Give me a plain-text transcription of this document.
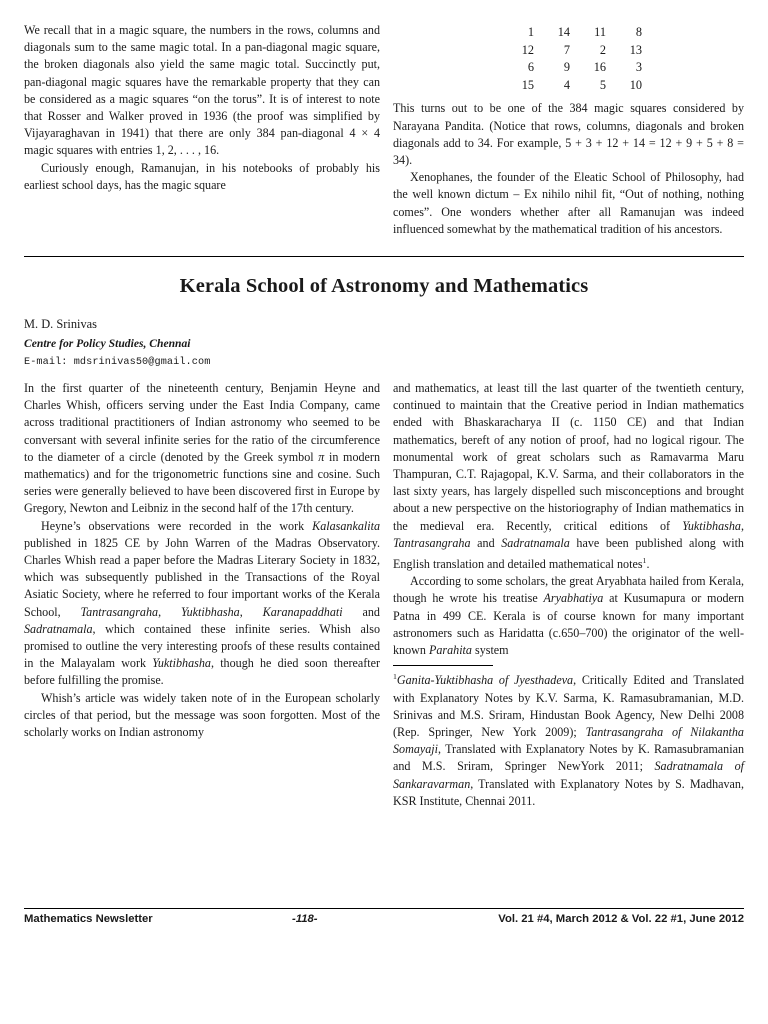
We recall that in a magic square, the numbers in the rows, columns and diagonals sum to the same magic total. In a pan-diagonal magic square, the broken diagonals also yield the same magic total. Succinctly put, pan-diagonal magic squares have the remarkable property that they can be considered as a magic squares “on the torus”. It is of interest to note that Rosser and Walker proved in 1936 (the proof was simplified by Vijayaraghavan in 1941) that there are only 384 pan-diagonal 4 × 4 magic squares with entries 1, 2, . . . , 16.

Curiously enough, Ramanujan, in his notebooks of probably his earliest school days, has the magic square

1	14	11	8
12	7	2	13
6	9	16	3
15	4	5	10

This turns out to be one of the 384 magic squares considered by Narayana Pandita. (Notice that rows, columns, diagonals and broken diagonals add to 34. For example, 5 + 3 + 12 + 14 = 12 + 9 + 5 + 8 = 34).

Xenophanes, the founder of the Eleatic School of Philosophy, had the well known dictum – Ex nihilo nihil fit, “Out of nothing, nothing comes”. One wonders whether after all Ramanujan was indeed influenced somewhat by the mathematical tradition of his ancestors.

Kerala School of Astronomy and Mathematics

M. D. Srinivas

Centre for Policy Studies, Chennai

E-mail: mdsrinivas50@gmail.com

In the first quarter of the nineteenth century, Benjamin Heyne and Charles Whish, officers serving under the East India Company, came across traditional practitioners of Indian astronomy who seemed to be conversant with several infinite series for the ratio of the circumference to the diameter of a circle (denoted by the Greek symbol π in modern mathematics) and for the trigonometric functions sine and cosine. Such series were generally believed to have been discovered first in Europe by Gregory, Newton and Leibniz in the second half of the 17th century.

Heyne’s observations were recorded in the work Kalasankalita published in 1825 CE by John Warren of the Madras Observatory. Charles Whish read a paper before the Madras Literary Society in 1832, which was subsequently published in the Transactions of the Royal Asiatic Society, where he referred to four important works of the Kerala School, Tantrasangraha, Yuktibhasha, Karanapaddhati and Sadratnamala, which contained these infinite series. Whish also promised to outline the very interesting proofs of these results contained in the Malayalam work Yuktibhasha, though he died soon thereafter before fulfilling the promise.

Whish’s article was widely taken note of in the European scholarly circles of that period, but the message was soon forgotten. Most of the scholarly works on Indian astronomy

and mathematics, at least till the last quarter of the twentieth century, continued to maintain that the Creative period in Indian mathematics ended with Bhaskaracharya II (c. 1150 CE) and that Indian mathematics, bereft of any notion of proof, had no logical rigour. The monumental work of great scholars such as Ramavarma Maru Thampuran, C.T. Rajagopal, K.V. Sarma, and their collaborators in the last sixty years, has largely dispelled such misconceptions and brought about a new perspective on the historiography of Indian mathematics in the medieval era. Recently, critical editions of Yuktibhasha, Tantrasangraha and Sadratnamala have been published along with English translation and detailed mathematical notes$^1$.

According to some scholars, the great Aryabhata hailed from Kerala, though he wrote his treatise Aryabhatiya at Kusumapura or modern Patna in 499 CE. Kerala is of course known for many important astronomers such as Haridatta (c.650–700) the originator of the well-known Parahita system

$^1$Ganita-Yuktibhasha of Jyesthadeva, Critically Edited and Translated with Explanatory Notes by K.V. Sarma, K. Ramasubramanian, M.D. Srinivas and M.S. Sriram, Hindustan Book Agency, New Delhi 2008 (Rep. Springer, New York 2009); Tantrasangraha of Nilakantha Somayaji, Translated with Explanatory Notes by K. Ramasubramanian and M.S. Sriram, Springer NewYork 2011; Sadratnamala of Sankaravarman, Translated with Explanatory Notes by S. Madhavan, KSR Institute, Chennai 2011.

Mathematics Newsletter	-118-	Vol. 21 #4, March 2012 & Vol. 22 #1, June 2012
